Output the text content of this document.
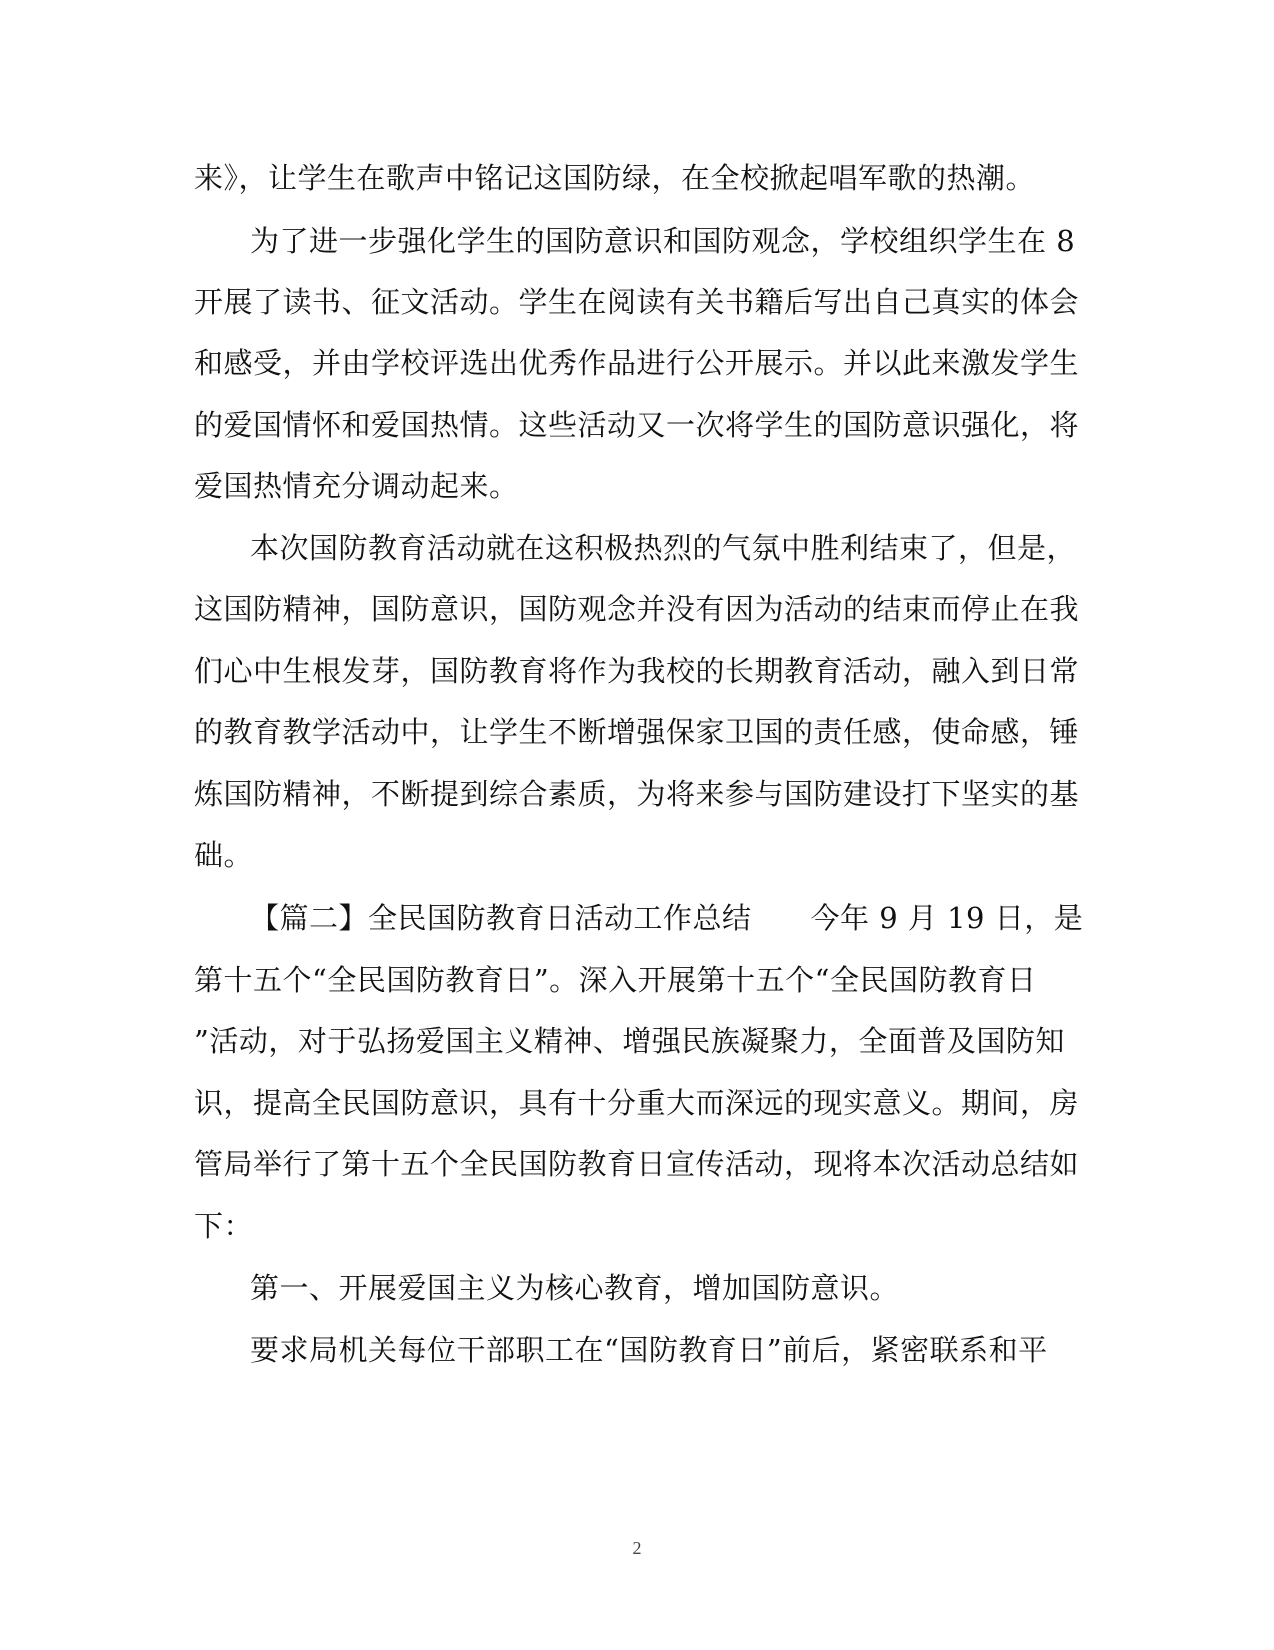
来》，让学生在歌声中铭记这国防绿，在全校掀起唱军歌的热潮。
为了进一步强化学生的国防意识和国防观念，学校组织学生在 8
开展了读书、征文活动。学生在阅读有关书籍后写出自己真实的体会
和感受，并由学校评选出优秀作品进行公开展示。并以此来激发学生
的爱国情怀和爱国热情。这些活动又一次将学生的国防意识强化，将
爱国热情充分调动起来。
本次国防教育活动就在这积极热烈的气氛中胜利结束了，但是，
这国防精神，国防意识，国防观念并没有因为活动的结束而停止在我
们心中生根发芽，国防教育将作为我校的长期教育活动，融入到日常
的教育教学活动中，让学生不断增强保家卫国的责任感，使命感，锤
炼国防精神，不断提到综合素质，为将来参与国防建设打下坚实的基
础。
【篇二】全民国防教育日活动工作总结　　今年 9 月 19 日，是
第十五个“全民国防教育日”。深入开展第十五个“全民国防教育日
”活动，对于弘扬爱国主义精神、增强民族凝聚力，全面普及国防知
识，提高全民国防意识，具有十分重大而深远的现实意义。期间，房
管局举行了第十五个全民国防教育日宣传活动，现将本次活动总结如
下：
第一、开展爱国主义为核心教育，增加国防意识。
要求局机关每位干部职工在“国防教育日”前后，紧密联系和平
2
